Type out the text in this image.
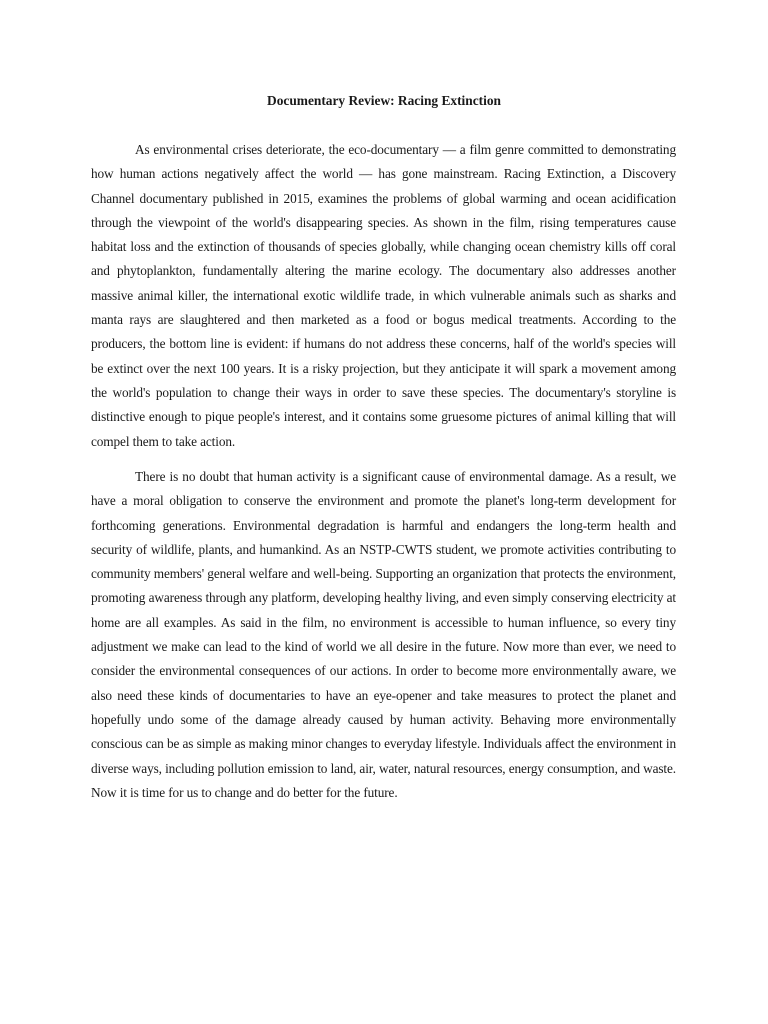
Documentary Review: Racing Extinction

As environmental crises deteriorate, the eco-documentary — a film genre committed to demonstrating how human actions negatively affect the world — has gone mainstream. Racing Extinction, a Discovery Channel documentary published in 2015, examines the problems of global warming and ocean acidification through the viewpoint of the world's disappearing species. As shown in the film, rising temperatures cause habitat loss and the extinction of thousands of species globally, while changing ocean chemistry kills off coral and phytoplankton, fundamentally altering the marine ecology. The documentary also addresses another massive animal killer, the international exotic wildlife trade, in which vulnerable animals such as sharks and manta rays are slaughtered and then marketed as a food or bogus medical treatments. According to the producers, the bottom line is evident: if humans do not address these concerns, half of the world's species will be extinct over the next 100 years. It is a risky projection, but they anticipate it will spark a movement among the world's population to change their ways in order to save these species. The documentary's storyline is distinctive enough to pique people's interest, and it contains some gruesome pictures of animal killing that will compel them to take action.

There is no doubt that human activity is a significant cause of environmental damage. As a result, we have a moral obligation to conserve the environment and promote the planet's long-term development for forthcoming generations. Environmental degradation is harmful and endangers the long-term health and security of wildlife, plants, and humankind. As an NSTP-CWTS student, we promote activities contributing to community members' general welfare and well-being. Supporting an organization that protects the environment, promoting awareness through any platform, developing healthy living, and even simply conserving electricity at home are all examples. As said in the film, no environment is accessible to human influence, so every tiny adjustment we make can lead to the kind of world we all desire in the future. Now more than ever, we need to consider the environmental consequences of our actions. In order to become more environmentally aware, we also need these kinds of documentaries to have an eye-opener and take measures to protect the planet and hopefully undo some of the damage already caused by human activity. Behaving more environmentally conscious can be as simple as making minor changes to everyday lifestyle. Individuals affect the environment in diverse ways, including pollution emission to land, air, water, natural resources, energy consumption, and waste. Now it is time for us to change and do better for the future.
